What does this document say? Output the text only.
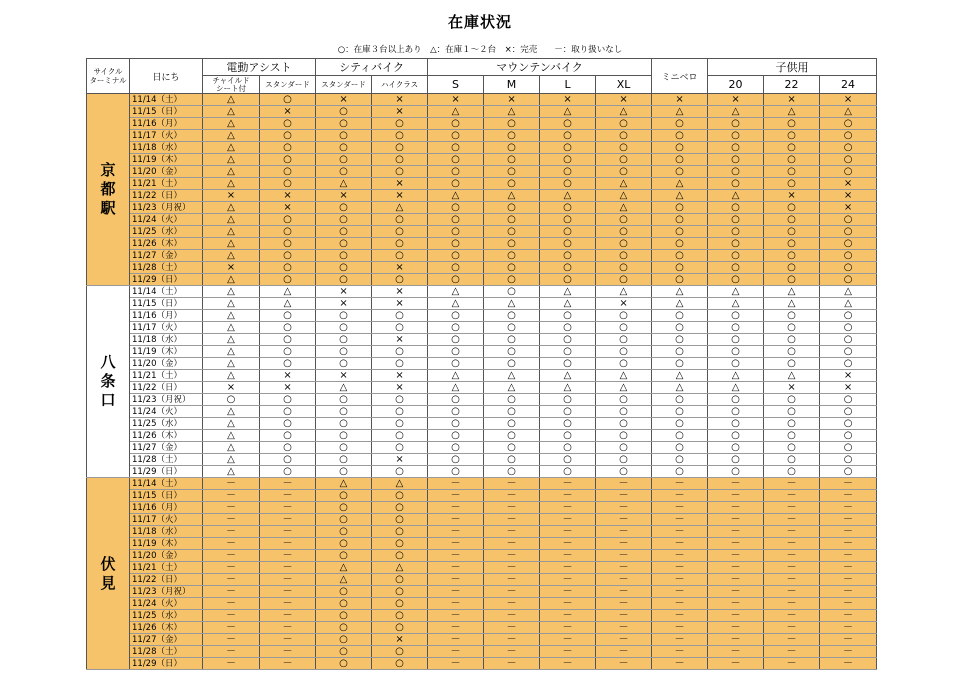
在庫状況
○：在庫３台以上あり　△：在庫１～２台　×：完売　　－：取り扱いなし
サイクル
ターミナル	日にち	電動アシスト		シティバイク		マウンテンバイク				ミニベロ	子供用		
		チャイルド
シート付	スタンダード	スタンダード	ハイクラス	S	M	L	XL		20	22	24

京都駅	11/14（土）	△	○	×	×	×	×	×	×	×	×	×	×
	11/15（日）	△	×	○	×	△	△	△	△	△	△	△	△
	11/16（月）	△	○	○	○	○	○	○	○	○	○	○	○
	11/17（火）	△	○	○	○	○	○	○	○	○	○	○	○
	11/18（水）	△	○	○	○	○	○	○	○	○	○	○	○
	11/19（木）	△	○	○	○	○	○	○	○	○	○	○	○
	11/20（金）	△	○	○	○	○	○	○	○	○	○	○	○
	11/21（土）	△	○	△	×	○	○	○	△	△	○	○	×
	11/22（日）	×	×	×	×	△	△	△	△	△	△	×	×
	11/23（月祝）	△	×	○	△	○	○	○	△	○	○	○	×
	11/24（火）	△	○	○	○	○	○	○	○	○	○	○	○
	11/25（水）	△	○	○	○	○	○	○	○	○	○	○	○
	11/26（木）	△	○	○	○	○	○	○	○	○	○	○	○
	11/27（金）	△	○	○	○	○	○	○	○	○	○	○	○
	11/28（土）	×	○	○	×	○	○	○	○	○	○	○	○
	11/29（日）	△	○	○	○	○	○	○	○	○	○	○	○

八条口	11/14（土）	△	△	×	×	△	○	△	△	△	△	△	△
	11/15（日）	△	△	×	×	△	△	△	×	△	△	△	△
	11/16（月）	△	○	○	○	○	○	○	○	○	○	○	○
	11/17（火）	△	○	○	○	○	○	○	○	○	○	○	○
	11/18（水）	△	○	○	×	○	○	○	○	○	○	○	○
	11/19（木）	△	○	○	○	○	○	○	○	○	○	○	○
	11/20（金）	△	○	○	○	○	○	○	○	○	○	○	○
	11/21（土）	△	×	×	×	△	△	△	△	△	△	△	×
	11/22（日）	×	×	△	×	△	△	△	△	△	△	×	×
	11/23（月祝）	○	○	○	○	○	○	○	○	○	○	○	○
	11/24（火）	△	○	○	○	○	○	○	○	○	○	○	○
	11/25（水）	△	○	○	○	○	○	○	○	○	○	○	○
	11/26（木）	△	○	○	○	○	○	○	○	○	○	○	○
	11/27（金）	△	○	○	○	○	○	○	○	○	○	○	○
	11/28（土）	△	○	○	×	○	○	○	○	○	○	○	○
	11/29（日）	△	○	○	○	○	○	○	○	○	○	○	○

伏見	11/14（土）	－	－	△	△	－	－	－	－	－	－	－	－
	11/15（日）	－	－	○	○	－	－	－	－	－	－	－	－
	11/16（月）	－	－	○	○	－	－	－	－	－	－	－	－
	11/17（火）	－	－	○	○	－	－	－	－	－	－	－	－
	11/18（水）	－	－	○	○	－	－	－	－	－	－	－	－
	11/19（木）	－	－	○	○	－	－	－	－	－	－	－	－
	11/20（金）	－	－	○	○	－	－	－	－	－	－	－	－
	11/21（土）	－	－	△	△	－	－	－	－	－	－	－	－
	11/22（日）	－	－	△	○	－	－	－	－	－	－	－	－
	11/23（月祝）	－	－	○	○	－	－	－	－	－	－	－	－
	11/24（火）	－	－	○	○	－	－	－	－	－	－	－	－
	11/25（水）	－	－	○	○	－	－	－	－	－	－	－	－
	11/26（木）	－	－	○	○	－	－	－	－	－	－	－	－
	11/27（金）	－	－	○	×	－	－	－	－	－	－	－	－
	11/28（土）	－	－	○	○	－	－	－	－	－	－	－	－
	11/29（日）	－	－	○	○	－	－	－	－	－	－	－	－
